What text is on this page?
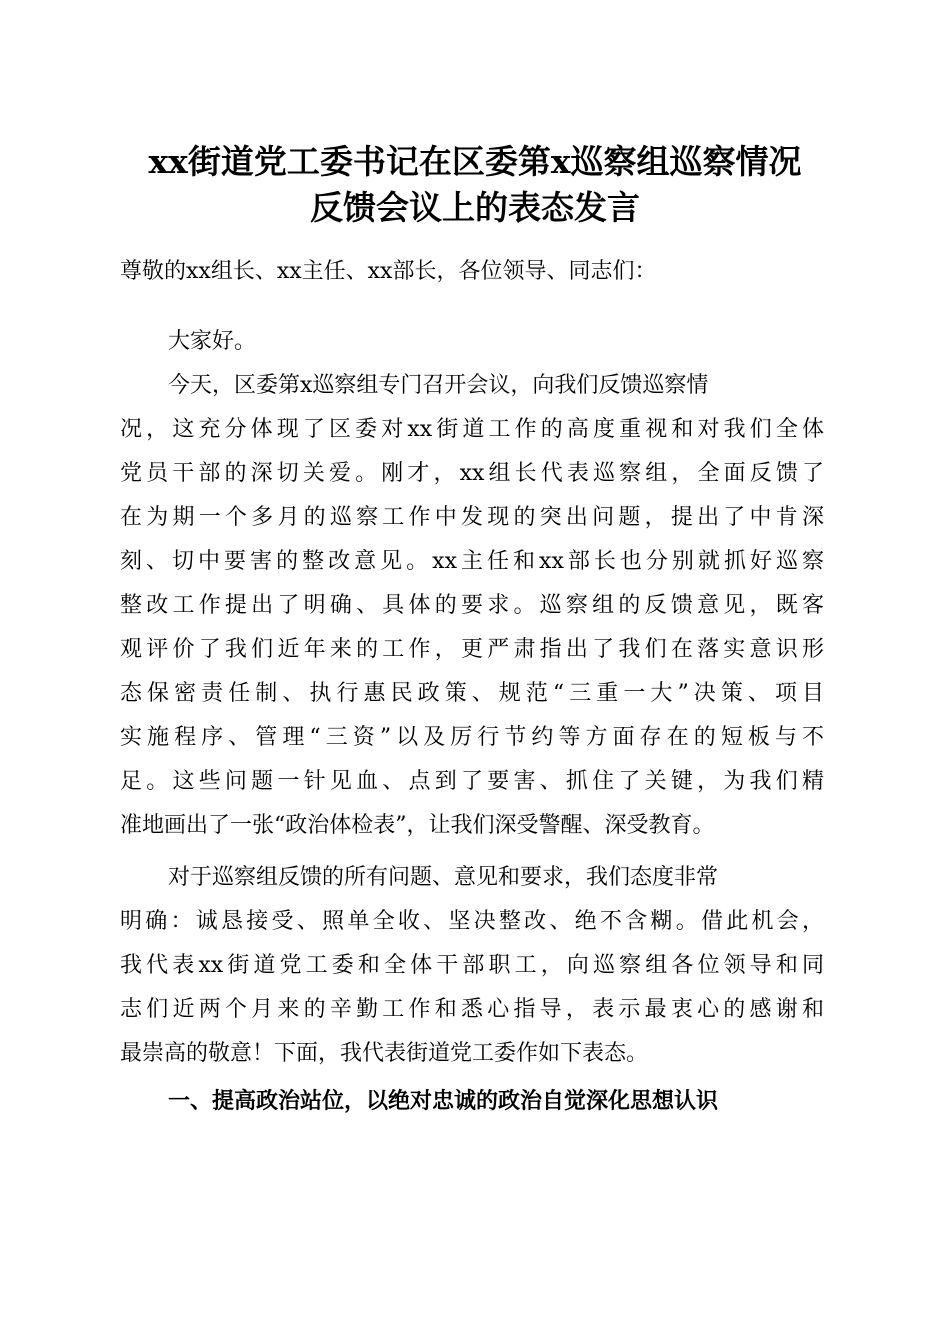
xx街道党工委书记在区委第x巡察组巡察情况
反馈会议上的表态发言

尊敬的xx组长、xx主任、xx部长，各位领导、同志们：

大家好。

今天，区委第x巡察组专门召开会议，向我们反馈巡察情

况，这充分体现了区委对xx街道工作的高度重视和对我们全体

党员干部的深切关爱。刚才，xx组长代表巡察组，全面反馈了

在为期一个多月的巡察工作中发现的突出问题，提出了中肯深

刻、切中要害的整改意见。xx主任和xx部长也分别就抓好巡察

整改工作提出了明确、具体的要求。巡察组的反馈意见，既客

观评价了我们近年来的工作，更严肃指出了我们在落实意识形

态保密责任制、执行惠民政策、规范“三重一大”决策、项目

实施程序、管理“三资”以及厉行节约等方面存在的短板与不

足。这些问题一针见血、点到了要害、抓住了关键，为我们精

准地画出了一张“政治体检表”，让我们深受警醒、深受教育。

对于巡察组反馈的所有问题、意见和要求，我们态度非常

明确：诚恳接受、照单全收、坚决整改、绝不含糊。借此机会，

我代表xx街道党工委和全体干部职工，向巡察组各位领导和同

志们近两个月来的辛勤工作和悉心指导，表示最衷心的感谢和

最崇高的敬意！下面，我代表街道党工委作如下表态。

一、提高政治站位，以绝对忠诚的政治自觉深化思想认识
